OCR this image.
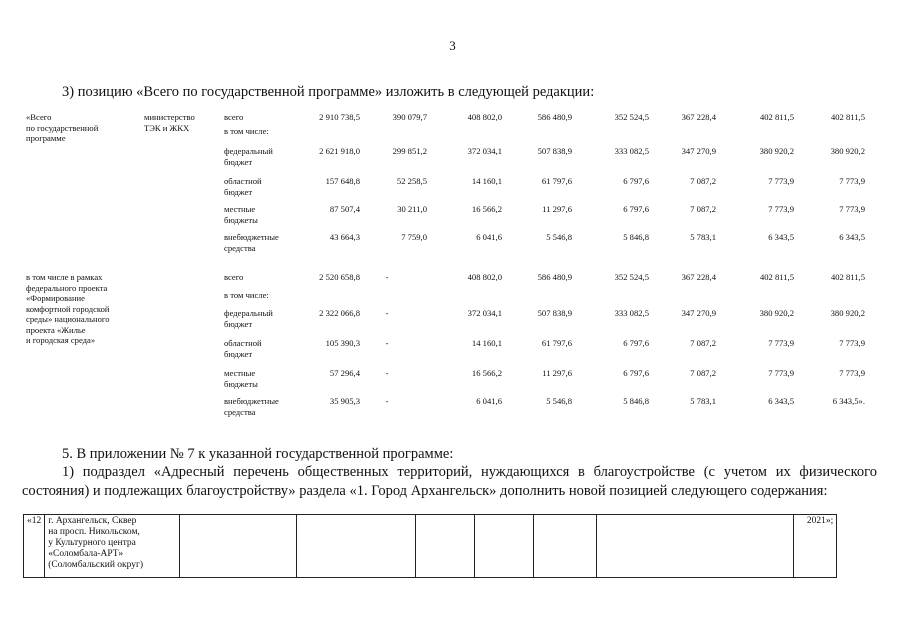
3
3) позицию «Всего по государственной программе» изложить в следующей редакции:
«Всего
по государственной
программе
министерство
ТЭК и ЖКХ
всего	2 910 738,5	390 079,7	408 802,0	586 480,9	352 524,5	367 228,4	402 811,5	402 811,5
в том числе:
федеральный
бюджет
2 621 918,0	299 851,2	372 034,1	507 838,9	333 082,5	347 270,9	380 920,2	380 920,2
областной
бюджет
157 648,8	52 258,5	14 160,1	61 797,6	6 797,6	7 087,2	7 773,9	7 773,9
местные
бюджеты
87 507,4	30 211,0	16 566,2	11 297,6	6 797,6	7 087,2	7 773,9	7 773,9
внебюджетные
средства
43 664,3	7 759,0	6 041,6	5 546,8	5 846,8	5 783,1	6 343,5	6 343,5
в том числе в рамках
федерального проекта
«Формирование
комфортной городской
среды» национального
проекта «Жилье
и городская среда»
всего	2 520 658,8	-	408 802,0	586 480,9	352 524,5	367 228,4	402 811,5	402 811,5
в том числе:
федеральный
бюджет
2 322 066,8	-	372 034,1	507 838,9	333 082,5	347 270,9	380 920,2	380 920,2
областной
бюджет
105 390,3	-	14 160,1	61 797,6	6 797,6	7 087,2	7 773,9	7 773,9
местные
бюджеты
57 296,4	-	16 566,2	11 297,6	6 797,6	7 087,2	7 773,9	7 773,9
внебюджетные
средства
35 905,3	-	6 041,6	5 546,8	5 846,8	5 783,1	6 343,5	6 343,5».
5. В приложении № 7 к указанной государственной программе:
1) подраздел «Адресный перечень общественных территорий, нуждающихся в благоустройстве (с учетом их физического состояния) и подлежащих благоустройству» раздела «1. Город Архангельск» дополнить новой позицией следующего содержания:
«12	г. Архангельск, Сквер
на просп. Никольском,
у Культурного центра
«Соломбала-АРТ»
(Соломбальский округ)							2021»;
